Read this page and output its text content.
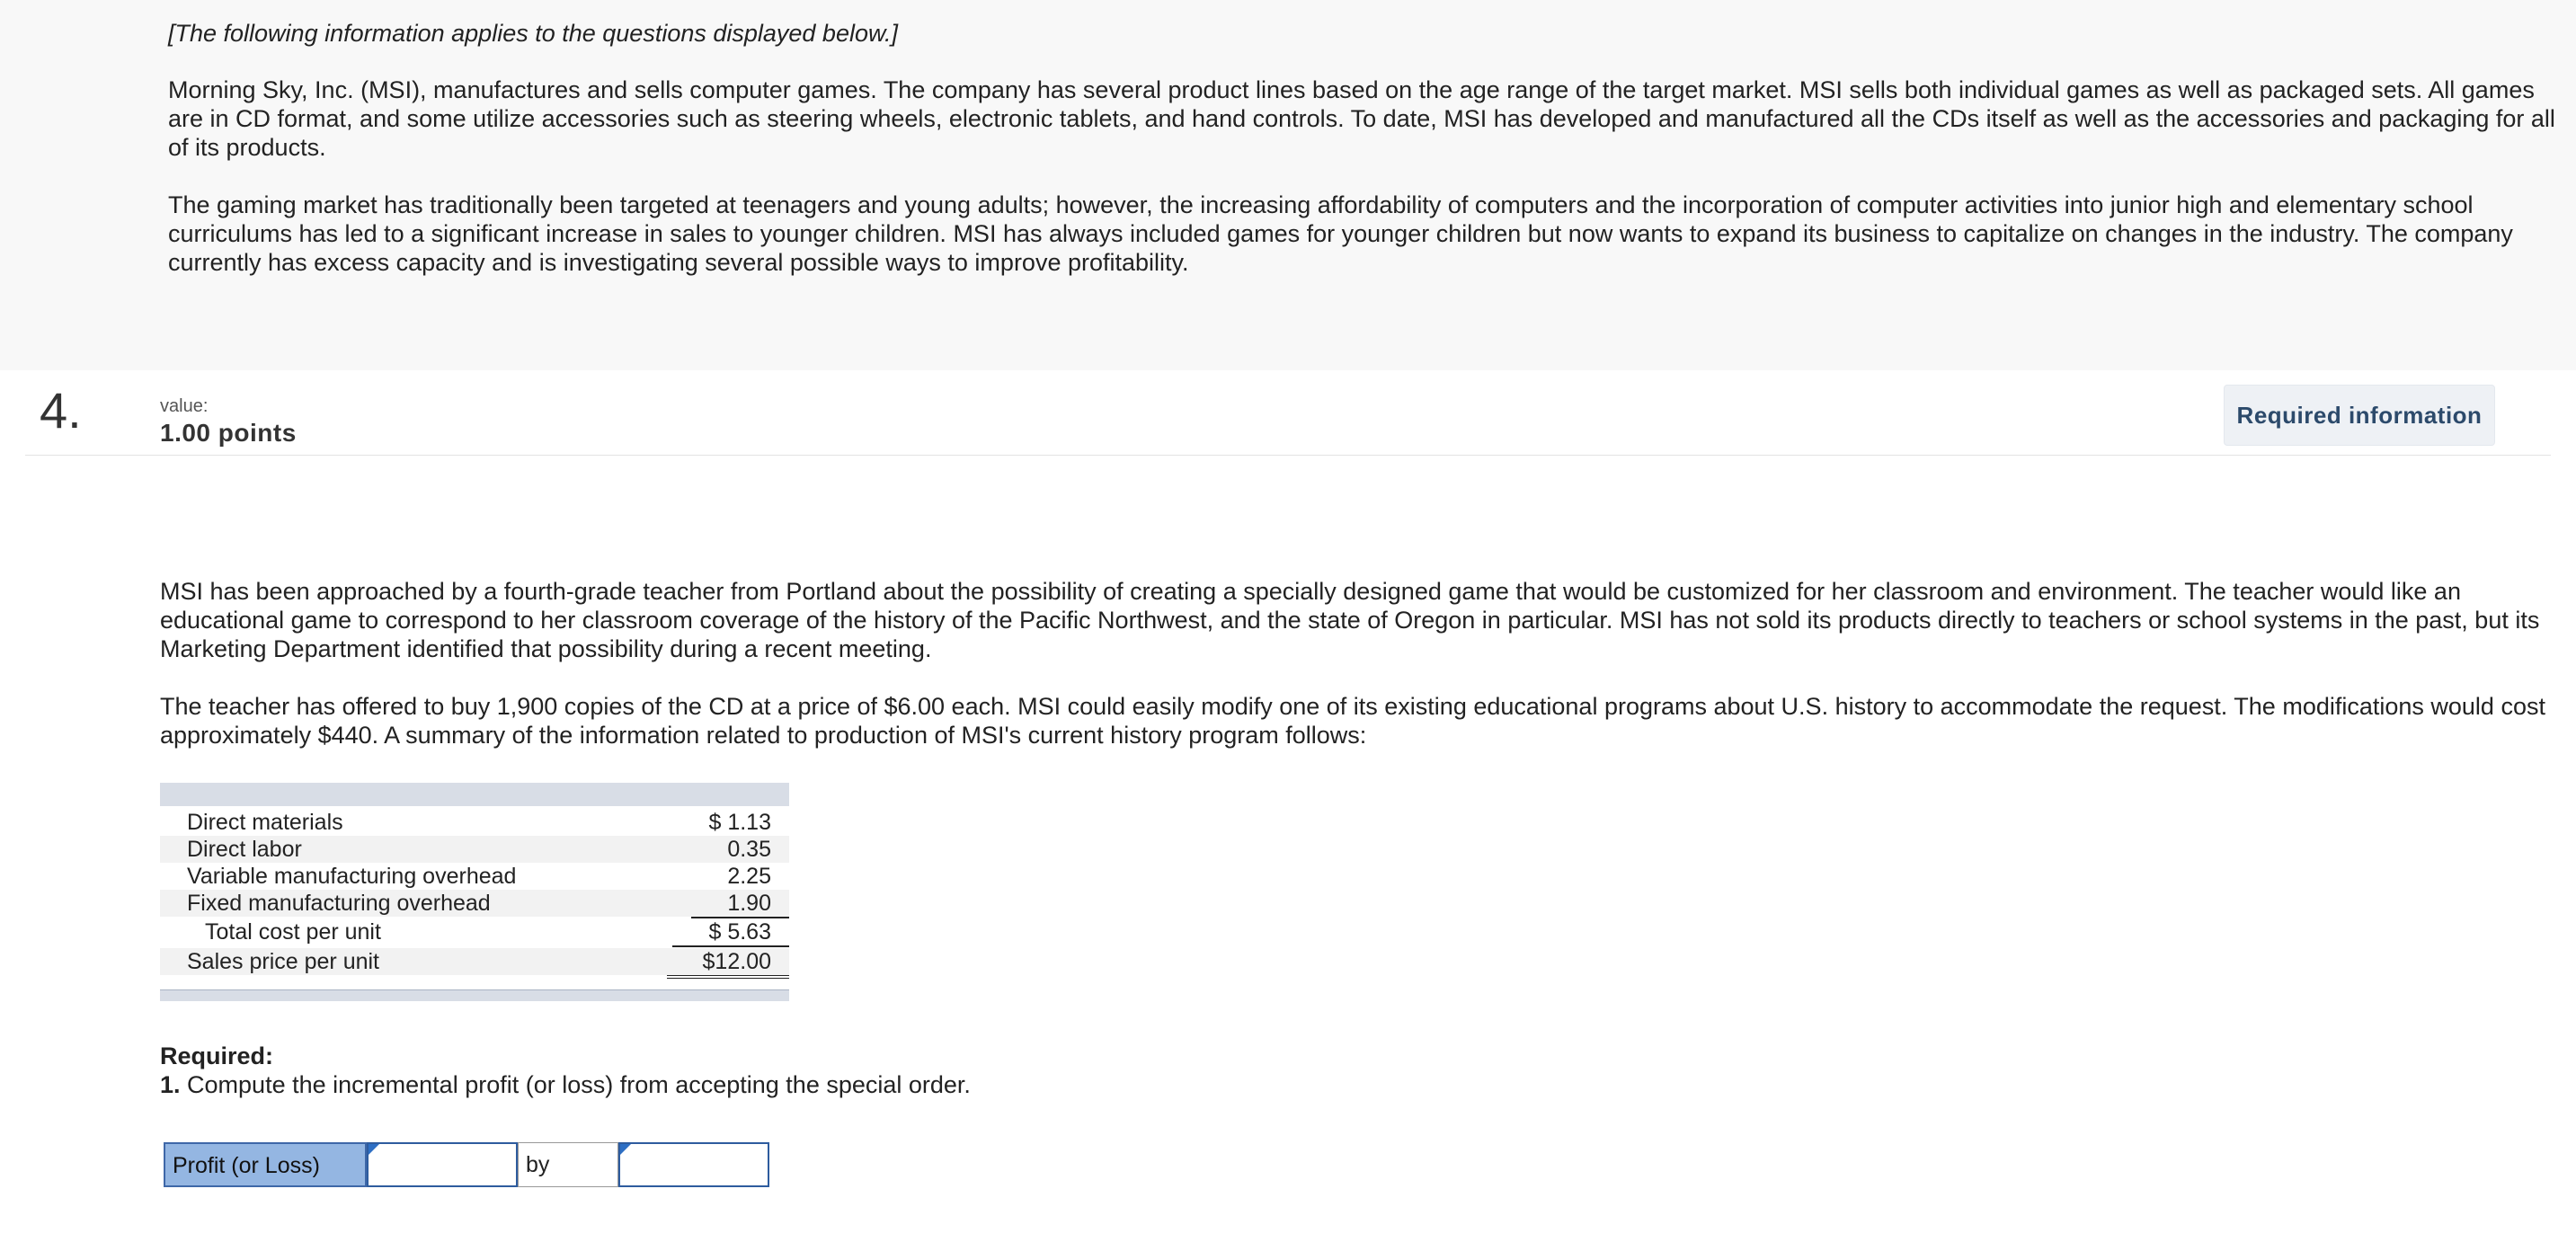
[The following information applies to the questions displayed below.]

Morning Sky, Inc. (MSI), manufactures and sells computer games. The company has several product lines based on the age range of the target market. MSI sells both individual games as well as packaged sets. All games are in CD format, and some utilize accessories such as steering wheels, electronic tablets, and hand controls. To date, MSI has developed and manufactured all the CDs itself as well as the accessories and packaging for all of its products.

The gaming market has traditionally been targeted at teenagers and young adults; however, the increasing affordability of computers and the incorporation of computer activities into junior high and elementary school curriculums has led to a significant increase in sales to younger children. MSI has always included games for younger children but now wants to expand its business to capitalize on changes in the industry. The company currently has excess capacity and is investigating several possible ways to improve profitability.

4.	value:
1.00 points
Required information

MSI has been approached by a fourth-grade teacher from Portland about the possibility of creating a specially designed game that would be customized for her classroom and environment. The teacher would like an educational game to correspond to her classroom coverage of the history of the Pacific Northwest, and the state of Oregon in particular. MSI has not sold its products directly to teachers or school systems in the past, but its Marketing Department identified that possibility during a recent meeting.

The teacher has offered to buy 1,900 copies of the CD at a price of $6.00 each. MSI could easily modify one of its existing educational programs about U.S. history to accommodate the request. The modifications would cost approximately $440. A summary of the information related to production of MSI's current history program follows:

Direct materials	$ 1.13
Direct labor	0.35
Variable manufacturing overhead	2.25
Fixed manufacturing overhead	1.90
Total cost per unit	$ 5.63
Sales price per unit	$12.00
Required:
1. Compute the incremental profit (or loss) from accepting the special order.
Profit (or Loss)	by
